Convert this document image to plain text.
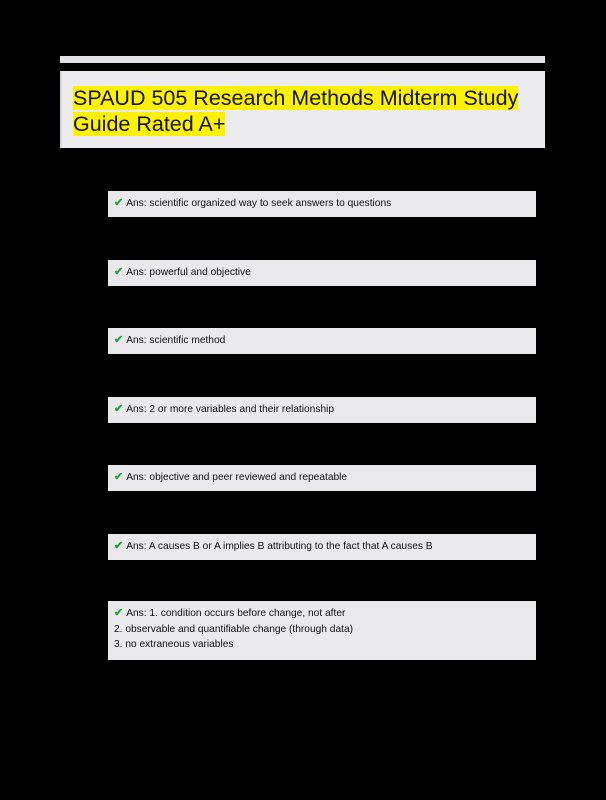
SPAUD 505 Research Methods Midterm Study Guide Rated A+
✔ Ans: scientific organized way to seek answers to questions
✔ Ans: powerful and objective
✔ Ans: scientific method
✔ Ans: 2 or more variables and their relationship
✔ Ans: objective and peer reviewed and repeatable
✔ Ans: A causes B or A implies B attributing to the fact that A causes B
✔ Ans: 1. condition occurs before change, not after
2. observable and quantifiable change (through data)
3. no extraneous variables
